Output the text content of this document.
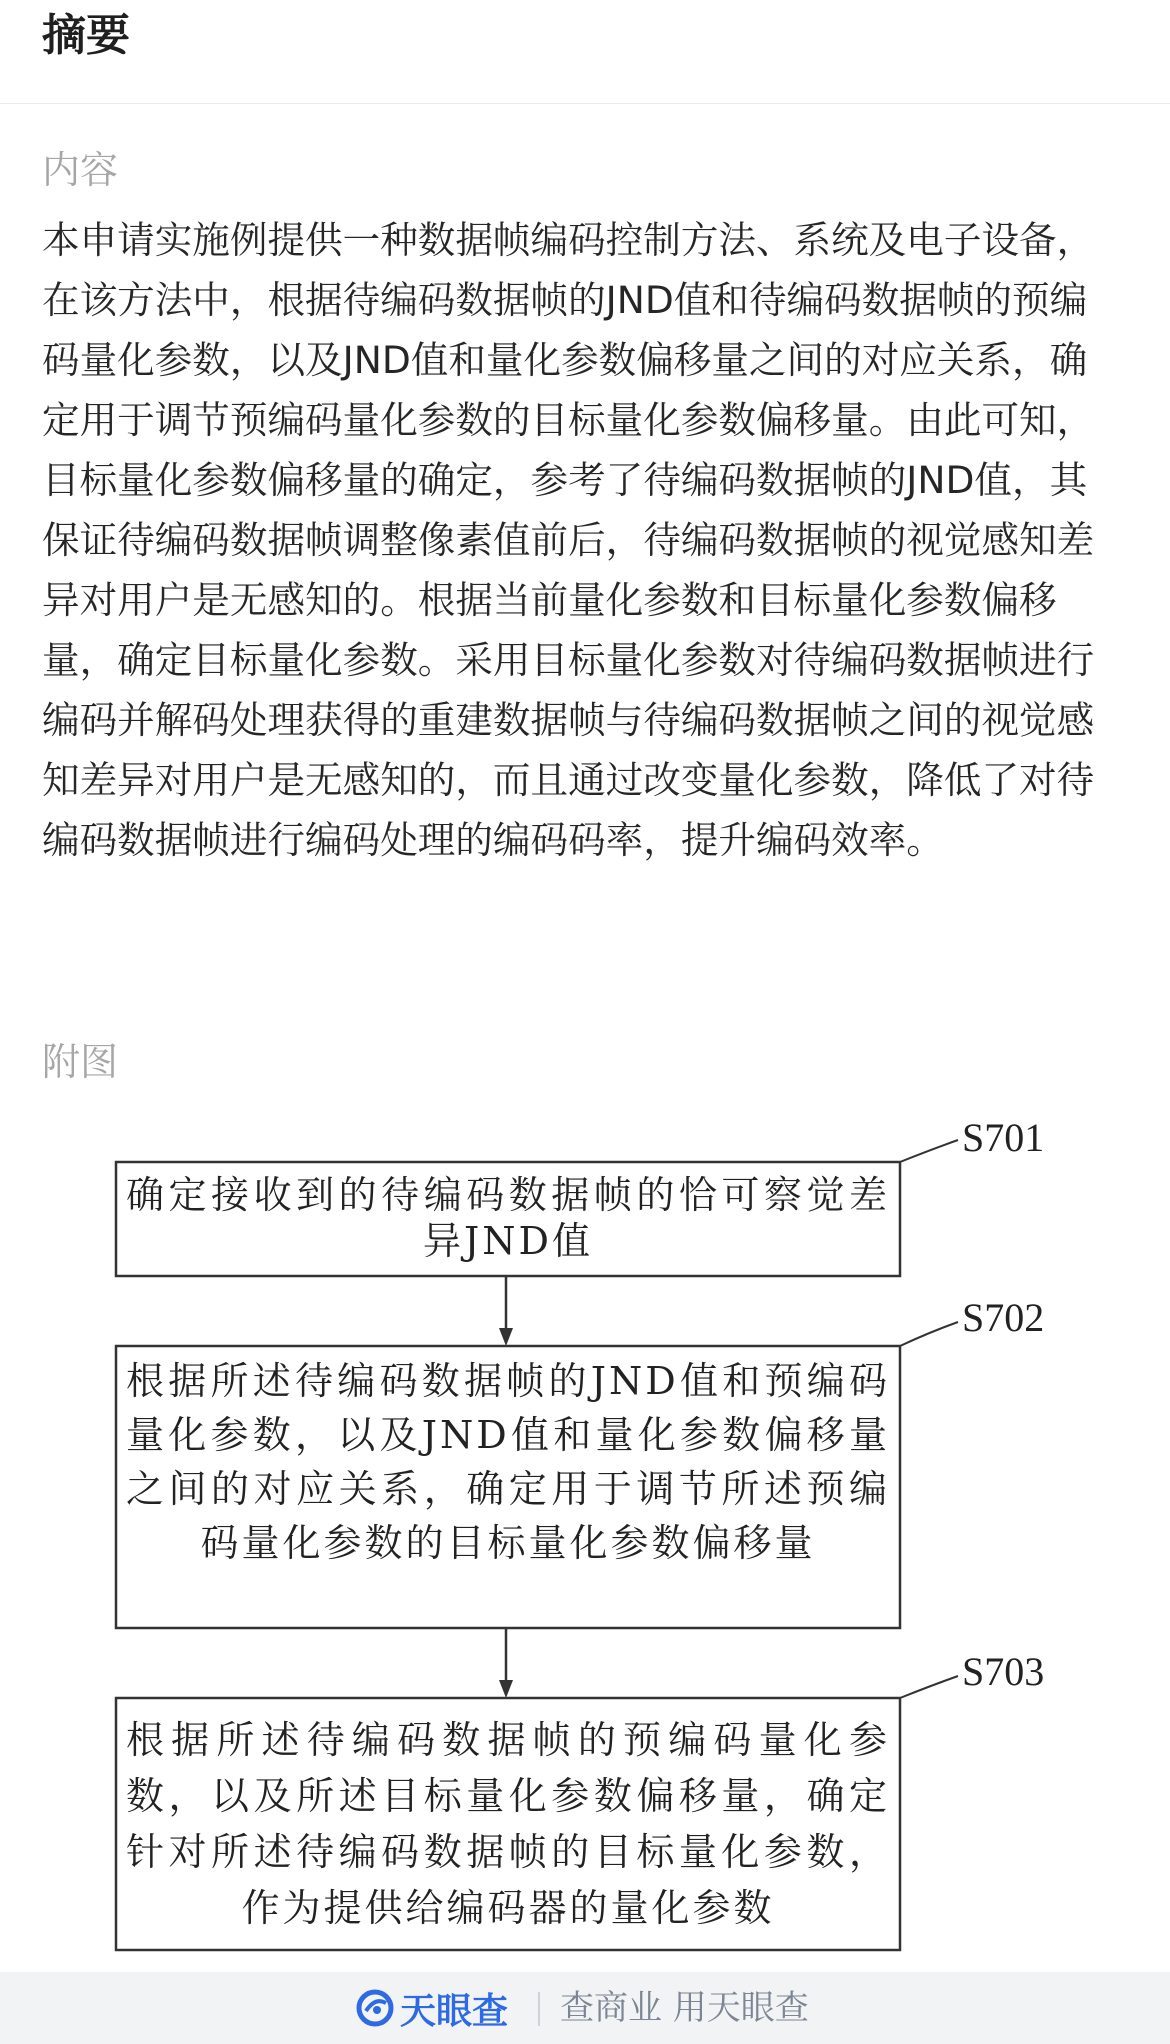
摘要
内容

本申请实施例提供一种数据帧编码控制方法、系统及电子设备，在该方法中，根据待编码数据帧的JND值和待编码数据帧的预编码量化参数，以及JND值和量化参数偏移量之间的对应关系，确定用于调节预编码量化参数的目标量化参数偏移量。由此可知，目标量化参数偏移量的确定，参考了待编码数据帧的JND值，其保证待编码数据帧调整像素值前后，待编码数据帧的视觉感知差异对用户是无感知的。根据当前量化参数和目标量化参数偏移量，确定目标量化参数。采用目标量化参数对待编码数据帧进行编码并解码处理获得的重建数据帧与待编码数据帧之间的视觉感知差异对用户是无感知的，而且通过改变量化参数，降低了对待编码数据帧进行编码处理的编码码率，提升编码效率。

附图
S701
S702
S703
确定接收到的待编码数据帧的恰可察觉差异JND值
根据所述待编码数据帧的JND值和预编码量化参数，以及JND值和量化参数偏移量之间的对应关系，确定用于调节所述预编码量化参数的目标量化参数偏移量
根据所述待编码数据帧的预编码量化参数，以及所述目标量化参数偏移量，确定针对所述待编码数据帧的目标量化参数，作为提供给编码器的量化参数
天眼查 查商业 用天眼查
